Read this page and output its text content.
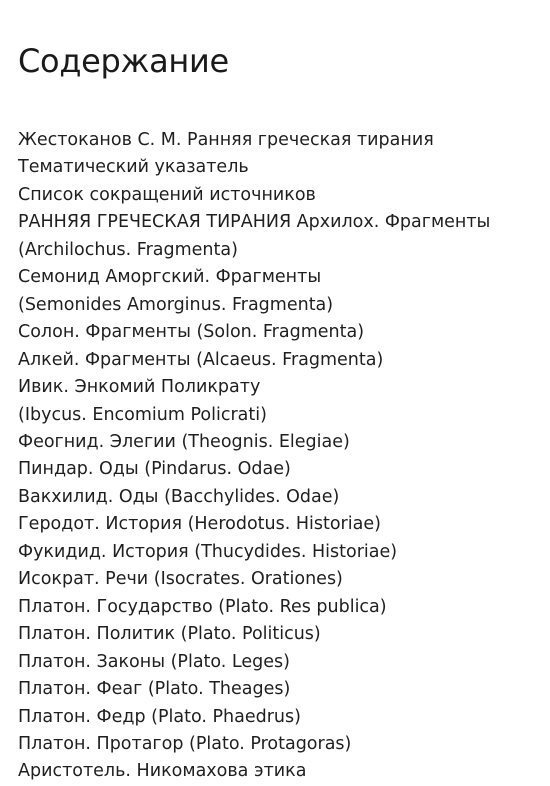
Содержание
Жестоканов С. М. Ранняя греческая тирания
Тематический указатель
Список сокращений источников
РАННЯЯ ГРЕЧЕСКАЯ ТИРАНИЯ Архилох. Фрагменты
(Archilochus. Fragmenta)
Семонид Аморгский. Фрагменты
(Semonides Amorginus. Fragmenta)
Солон. Фрагменты (Solon. Fragmenta)
Алкей. Фрагменты (Alcaeus. Fragmenta)
Ивик. Энкомий Поликрату
(Ibycus. Encomium Policrati)
Феогнид. Элегии (Theognis. Elegiae)
Пиндар. Оды (Pindarus. Odae)
Вакхилид. Оды (Bacchylides. Odae)
Геродот. История (Herodotus. Historiae)
Фукидид. История (Thucydides. Historiae)
Исократ. Речи (Isocrates. Orationes)
Платон. Государство (Plato. Res publica)
Платон. Политик (Plato. Politicus)
Платон. Законы (Plato. Leges)
Платон. Феаг (Plato. Theages)
Платон. Федр (Plato. Phaedrus)
Платон. Протагор (Plato. Protagoras)
Аристотель. Никомахова этика
